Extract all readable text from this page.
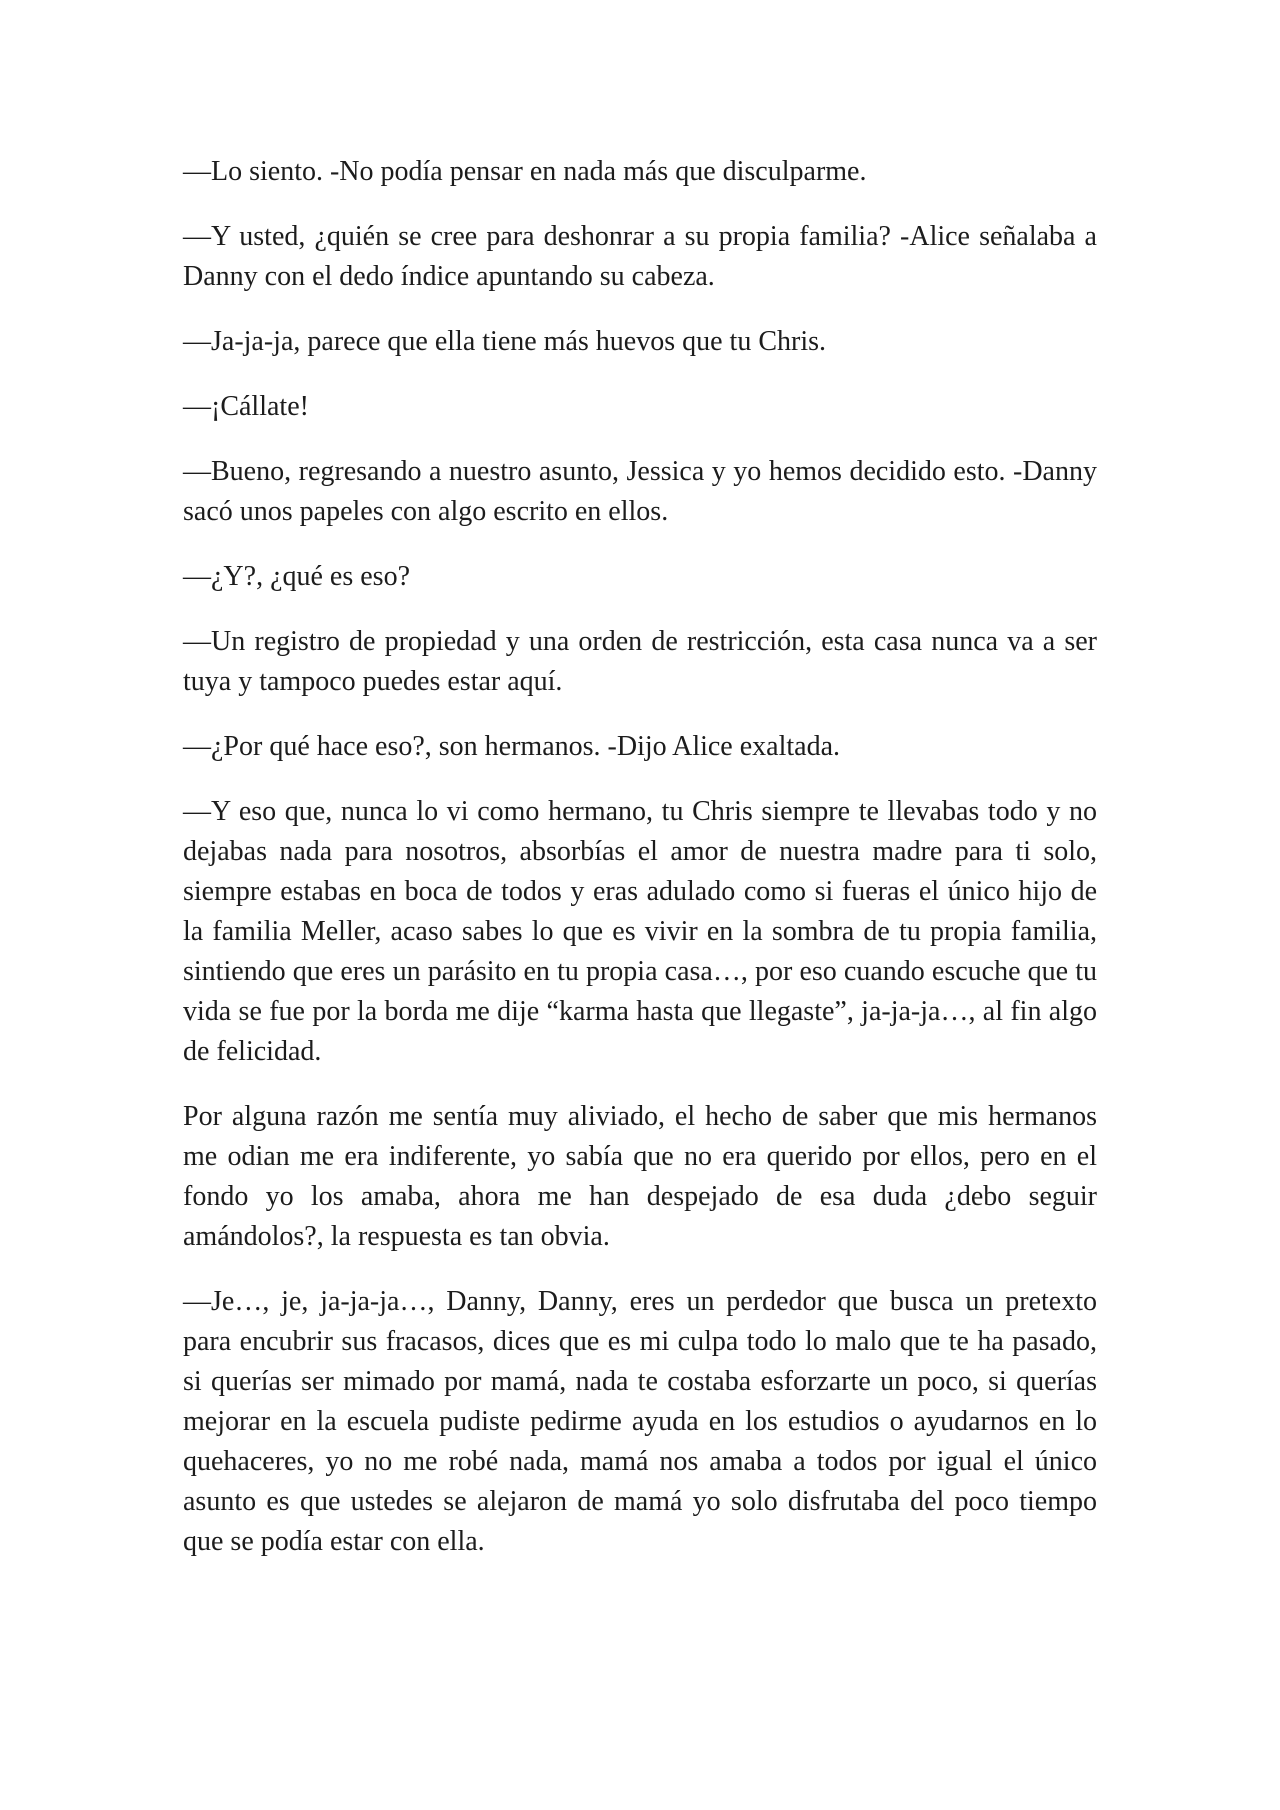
—Lo siento. -No podía pensar en nada más que disculparme.

—Y usted, ¿quién se cree para deshonrar a su propia familia? -Alice señalaba a Danny con el dedo índice apuntando su cabeza.

—Ja-ja-ja, parece que ella tiene más huevos que tu Chris.

—¡Cállate!

—Bueno, regresando a nuestro asunto, Jessica y yo hemos decidido esto. -Danny sacó unos papeles con algo escrito en ellos.

—¿Y?, ¿qué es eso?

—Un registro de propiedad y una orden de restricción, esta casa nunca va a ser tuya y tampoco puedes estar aquí.

—¿Por qué hace eso?, son hermanos. -Dijo Alice exaltada.

—Y eso que, nunca lo vi como hermano, tu Chris siempre te llevabas todo y no dejabas nada para nosotros, absorbías el amor de nuestra madre para ti solo, siempre estabas en boca de todos y eras adulado como si fueras el único hijo de la familia Meller, acaso sabes lo que es vivir en la sombra de tu propia familia, sintiendo que eres un parásito en tu propia casa…, por eso cuando escuche que tu vida se fue por la borda me dije “karma hasta que llegaste”, ja-ja-ja…, al fin algo de felicidad.

Por alguna razón me sentía muy aliviado, el hecho de saber que mis hermanos me odian me era indiferente, yo sabía que no era querido por ellos, pero en el fondo yo los amaba, ahora me han despejado de esa duda ¿debo seguir amándolos?, la respuesta es tan obvia.

—Je…, je, ja-ja-ja…, Danny, Danny, eres un perdedor que busca un pretexto para encubrir sus fracasos, dices que es mi culpa todo lo malo que te ha pasado, si querías ser mimado por mamá, nada te costaba esforzarte un poco, si querías mejorar en la escuela pudiste pedirme ayuda en los estudios o ayudarnos en lo quehaceres, yo no me robé nada, mamá nos amaba a todos por igual el único asunto es que ustedes se alejaron de mamá yo solo disfrutaba del poco tiempo que se podía estar con ella.
